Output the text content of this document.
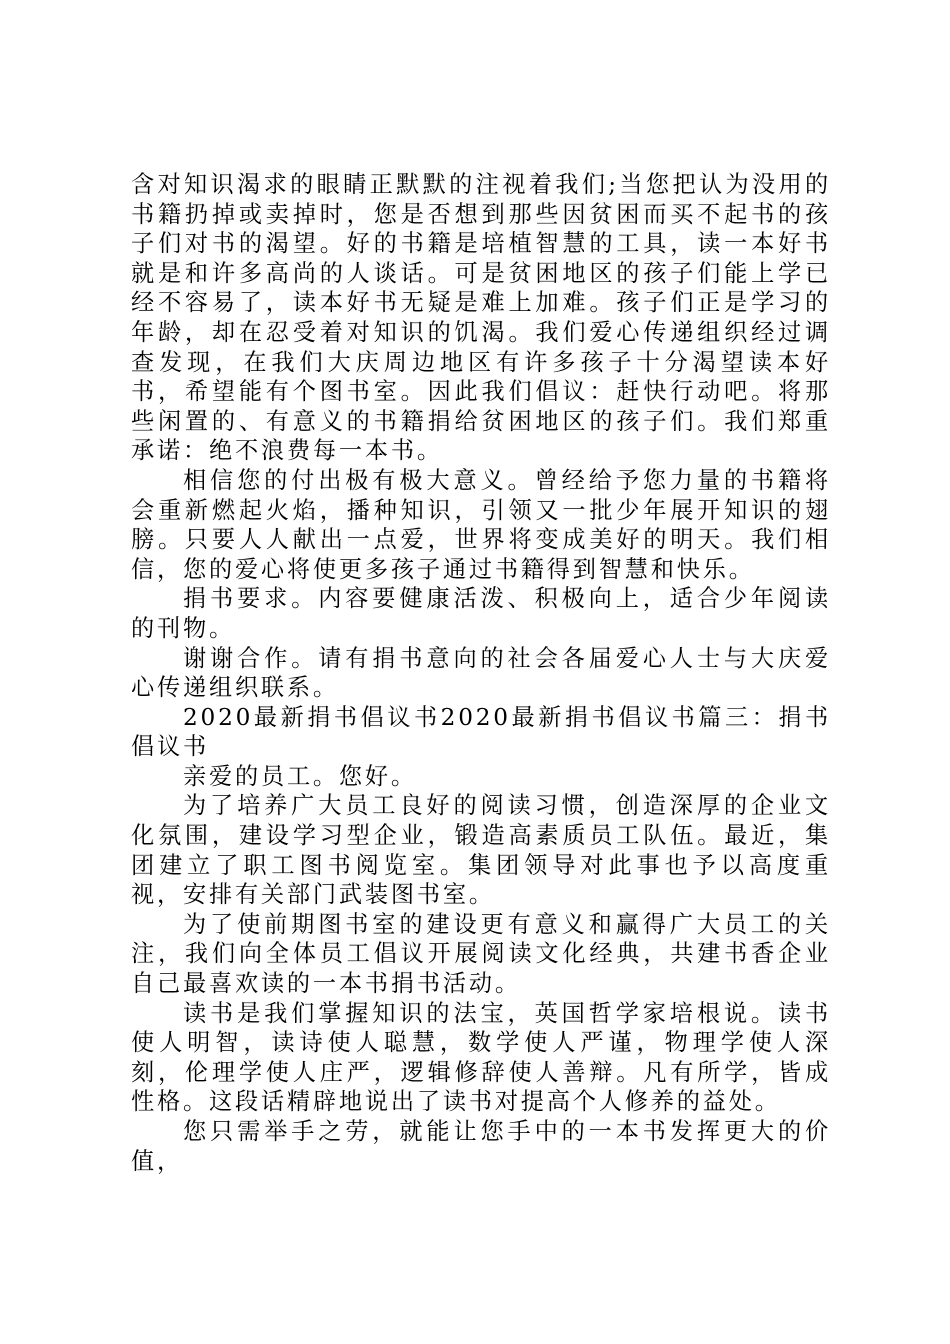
含对知识渴求的眼睛正默默的注视着我们;当您把认为没用的书籍扔掉或卖掉时，您是否想到那些因贫困而买不起书的孩子们对书的渴望。好的书籍是培植智慧的工具，读一本好书就是和许多高尚的人谈话。可是贫困地区的孩子们能上学已经不容易了，读本好书无疑是难上加难。孩子们正是学习的年龄，却在忍受着对知识的饥渴。我们爱心传递组织经过调查发现，在我们大庆周边地区有许多孩子十分渴望读本好书，希望能有个图书室。因此我们倡议：赶快行动吧。将那些闲置的、有意义的书籍捐给贫困地区的孩子们。我们郑重承诺：绝不浪费每一本书。

相信您的付出极有极大意义。曾经给予您力量的书籍将会重新燃起火焰，播种知识，引领又一批少年展开知识的翅膀。只要人人献出一点爱，世界将变成美好的明天。我们相信，您的爱心将使更多孩子通过书籍得到智慧和快乐。

捐书要求。内容要健康活泼、积极向上，适合少年阅读的刊物。

谢谢合作。请有捐书意向的社会各届爱心人士与大庆爱心传递组织联系。

2020最新捐书倡议书2020最新捐书倡议书篇三：捐书倡议书

亲爱的员工。您好。

为了培养广大员工良好的阅读习惯，创造深厚的企业文化氛围，建设学习型企业，锻造高素质员工队伍。最近，集团建立了职工图书阅览室。集团领导对此事也予以高度重视，安排有关部门武装图书室。

为了使前期图书室的建设更有意义和赢得广大员工的关注，我们向全体员工倡议开展阅读文化经典，共建书香企业自己最喜欢读的一本书捐书活动。

读书是我们掌握知识的法宝，英国哲学家培根说。读书使人明智，读诗使人聪慧，数学使人严谨，物理学使人深刻，伦理学使人庄严，逻辑修辞使人善辩。凡有所学，皆成性格。这段话精辟地说出了读书对提高个人修养的益处。

您只需举手之劳，就能让您手中的一本书发挥更大的价值，
